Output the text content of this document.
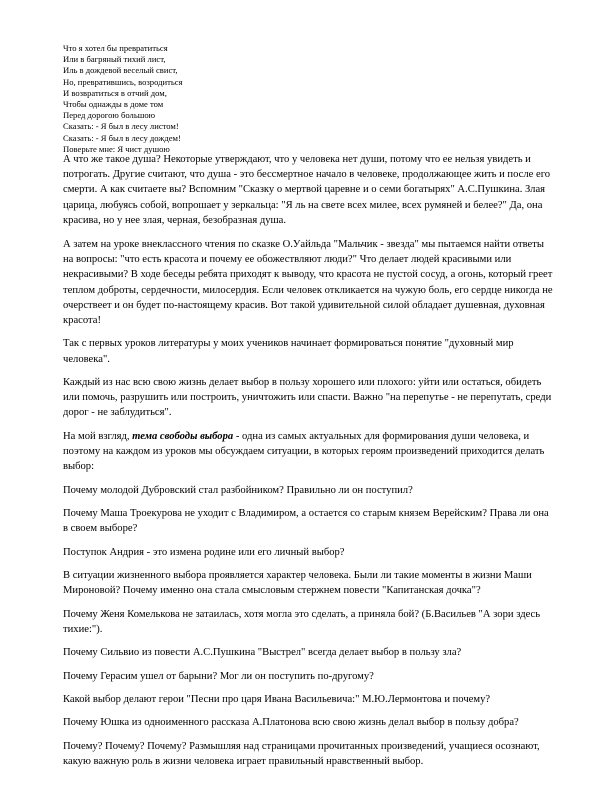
Что я хотел бы превратиться
Или в багряный тихий лист,
Иль в дождевой веселый свист,
Но, превратившись, возродиться
И возвратиться в отчий дом,
Чтобы однажды в доме том
Перед дорогою большою
Сказать: - Я был в лесу листом!
Сказать: - Я был в лесу дождем!
Поверьте мне: Я чист душою

А что же такое душа? Некоторые утверждают, что у человека нет души, потому что ее нельзя увидеть и потрогать. Другие считают, что душа - это бессмертное начало в человеке, продолжающее жить и после его смерти. А как считаете вы? Вспомним "Сказку о мертвой царевне и о семи богатырях" А.С.Пушкина. Злая царица, любуясь собой, вопрошает у зеркальца: "Я ль на свете всех милее, всех румяней и белее?" Да, она красива, но у нее злая, черная, безобразная душа.

А затем на уроке внеклассного чтения по сказке О.Уайльда "Мальчик - звезда" мы пытаемся найти ответы на вопросы: "что есть красота и почему ее обожествляют люди?" Что делает людей красивыми или некрасивыми? В ходе беседы ребята приходят к выводу, что красота не пустой сосуд, а огонь, который греет теплом доброты, сердечности, милосердия. Если человек откликается на чужую боль, его сердце никогда не очерствеет и он будет по-настоящему красив. Вот такой удивительной силой обладает душевная, духовная красота!

Так с первых уроков литературы у моих учеников начинает формироваться понятие "духовный мир человека".

Каждый из нас всю свою жизнь делает выбор в пользу хорошего или плохого: уйти или остаться, обидеть или помочь, разрушить или построить, уничтожить или спасти. Важно "на перепутье - не перепутать, среди дорог - не заблудиться".

На мой взгляд, тема свободы выбора - одна из самых актуальных для формирования души человека, и поэтому на каждом из уроков мы обсуждаем ситуации, в которых героям произведений приходится делать выбор:

Почему молодой Дубровский стал разбойником? Правильно ли он поступил?

Почему Маша Троекурова не уходит с Владимиром, а остается со старым князем Верейским? Права ли она в своем выборе?

Поступок Андрия - это измена родине или его личный выбор?

В ситуации жизненного выбора проявляется характер человека. Были ли такие моменты в жизни Маши Мироновой? Почему именно она стала смысловым стержнем повести "Капитанская дочка"?

Почему Женя Комелькова не затаилась, хотя могла это сделать, а приняла бой? (Б.Васильев "А зори здесь тихие:").

Почему Сильвио из повести А.С.Пушкина "Выстрел" всегда делает выбор в пользу зла?

Почему Герасим ушел от барыни? Мог ли он поступить по-другому?

Какой выбор делают герои "Песни про царя Ивана Васильевича:" М.Ю.Лермонтова и почему?

Почему Юшка из одноименного рассказа А.Платонова всю свою жизнь делал выбор в пользу добра?

Почему? Почему? Почему? Размышляя над страницами прочитанных произведений, учащиеся осознают, какую важную роль в жизни человека играет правильный нравственный выбор.
